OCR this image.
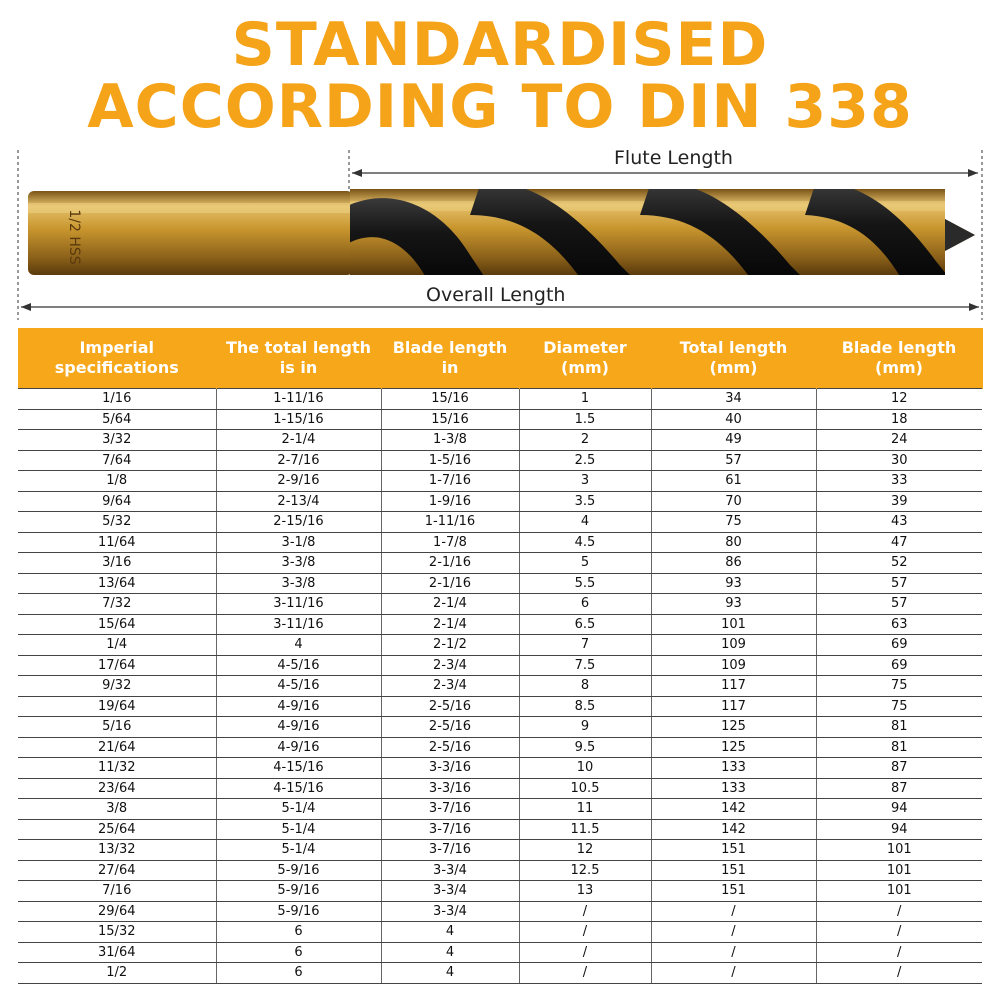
STANDARDISED
ACCORDING TO DIN 338
1/2 HSS
Flute Length
Overall Length
Imperial specifications	The total length is in	Blade length in	Diameter (mm)	Total length (mm)	Blade length (mm)
1/16	1-11/16	15/16	1	34	12
5/64	1-15/16	15/16	1.5	40	18
3/32	2-1/4	1-3/8	2	49	24
7/64	2-7/16	1-5/16	2.5	57	30
1/8	2-9/16	1-7/16	3	61	33
9/64	2-13/4	1-9/16	3.5	70	39
5/32	2-15/16	1-11/16	4	75	43
11/64	3-1/8	1-7/8	4.5	80	47
3/16	3-3/8	2-1/16	5	86	52
13/64	3-3/8	2-1/16	5.5	93	57
7/32	3-11/16	2-1/4	6	93	57
15/64	3-11/16	2-1/4	6.5	101	63
1/4	4	2-1/2	7	109	69
17/64	4-5/16	2-3/4	7.5	109	69
9/32	4-5/16	2-3/4	8	117	75
19/64	4-9/16	2-5/16	8.5	117	75
5/16	4-9/16	2-5/16	9	125	81
21/64	4-9/16	2-5/16	9.5	125	81
11/32	4-15/16	3-3/16	10	133	87
23/64	4-15/16	3-3/16	10.5	133	87
3/8	5-1/4	3-7/16	11	142	94
25/64	5-1/4	3-7/16	11.5	142	94
13/32	5-1/4	3-7/16	12	151	101
27/64	5-9/16	3-3/4	12.5	151	101
7/16	5-9/16	3-3/4	13	151	101
29/64	5-9/16	3-3/4	/	/	/
15/32	6	4	/	/	/
31/64	6	4	/	/	/
1/2	6	4	/	/	/
